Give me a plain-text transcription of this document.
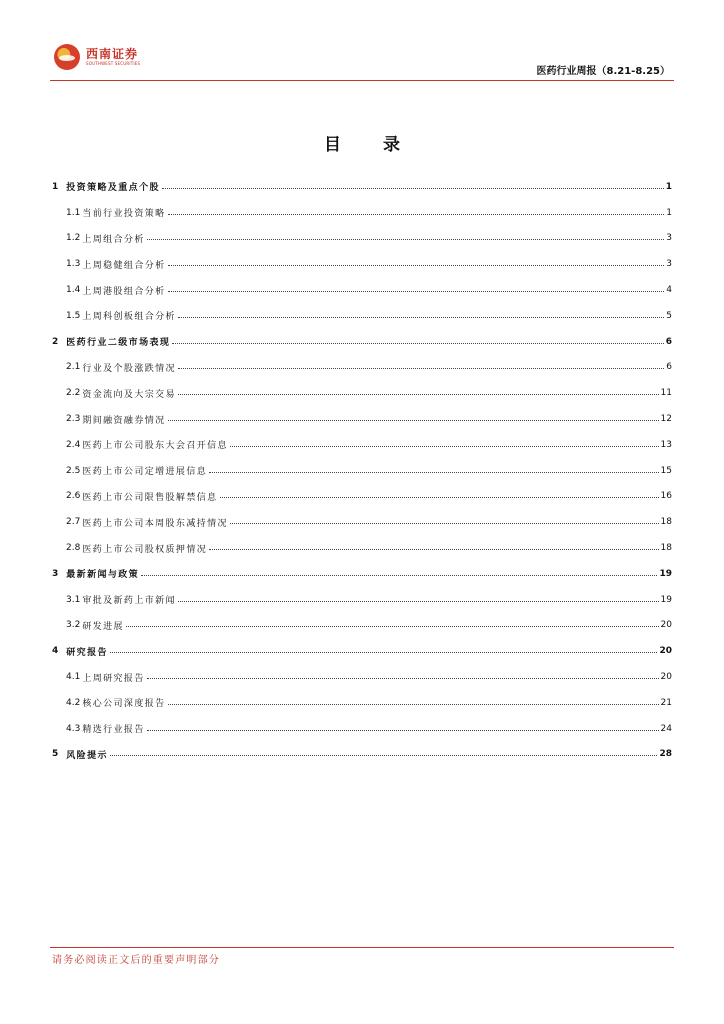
西南证券
SOUTHWEST SECURITIES
医药行业周报（8.21-8.25）
目 录
1 投资策略及重点个股	1
1.1 当前行业投资策略	1
1.2 上周组合分析	3
1.3 上周稳健组合分析	3
1.4 上周港股组合分析	4
1.5 上周科创板组合分析	5
2 医药行业二级市场表现	6
2.1 行业及个股涨跌情况	6
2.2 资金流向及大宗交易	11
2.3 期间融资融券情况	12
2.4 医药上市公司股东大会召开信息	13
2.5 医药上市公司定增进展信息	15
2.6 医药上市公司限售股解禁信息	16
2.7 医药上市公司本周股东减持情况	18
2.8 医药上市公司股权质押情况	18
3 最新新闻与政策	19
3.1 审批及新药上市新闻	19
3.2 研发进展	20
4 研究报告	20
4.1 上周研究报告	20
4.2 核心公司深度报告	21
4.3 精选行业报告	24
5 风险提示	28
请务必阅读正文后的重要声明部分
